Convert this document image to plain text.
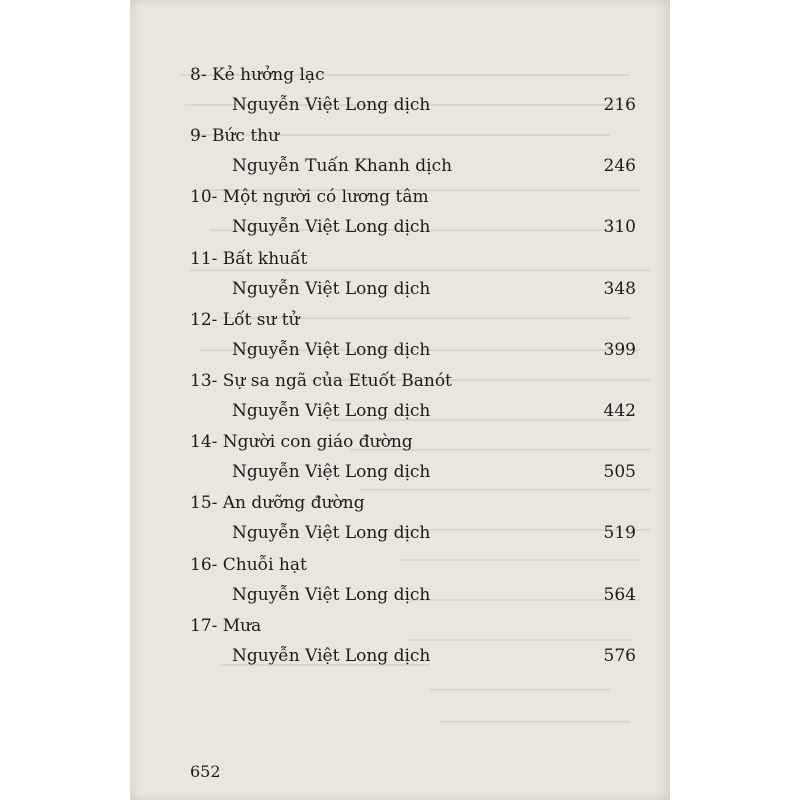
8- Kẻ hưởng lạc
Nguyễn Việt Long dịch	216
9- Bức thư
Nguyễn Tuấn Khanh dịch	246
10- Một người có lương tâm
Nguyễn Việt Long dịch	310
11- Bất khuất
Nguyễn Việt Long dịch	348
12- Lốt sư tử
Nguyễn Việt Long dịch	399
13- Sự sa ngã của Etuốt Banót
Nguyễn Việt Long dịch	442
14- Người con giáo đường
Nguyễn Việt Long dịch	505
15- An dưỡng đường
Nguyễn Việt Long dịch	519
16- Chuỗi hạt
Nguyễn Việt Long dịch	564
17- Mưa
Nguyễn Việt Long dịch	576
652
